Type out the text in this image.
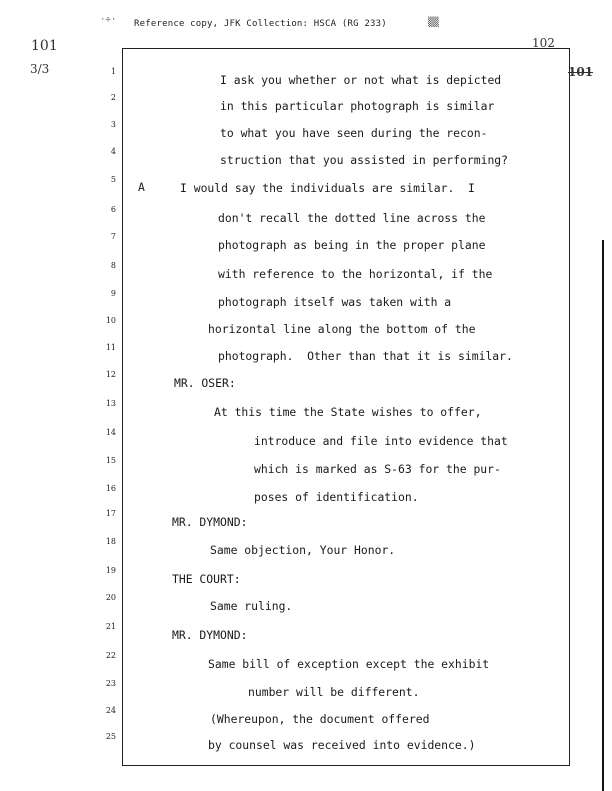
Reference copy, JFK Collection: HSCA (RG 233)
·÷·	▒▒
101
3/3
102
101
A
1
I ask you whether or not what is depicted
2
in this particular photograph is similar
3
to what you have seen during the recon-
4
struction that you assisted in performing?
5
I would say the individuals are similar.  I
6
don't recall the dotted line across the
7
photograph as being in the proper plane
8
with reference to the horizontal, if the
9
photograph itself was taken with a
10
horizontal line along the bottom of the
11
photograph.  Other than that it is similar.
12
MR. OSER:
13
At this time the State wishes to offer,
14
introduce and file into evidence that
15
which is marked as S-63 for the pur-
16
poses of identification.
17
MR. DYMOND:
18
Same objection, Your Honor.
19
THE COURT:
20
Same ruling.
21
MR. DYMOND:
22
Same bill of exception except the exhibit
23
number will be different.
24
(Whereupon, the document offered
25
by counsel was received into evidence.)
